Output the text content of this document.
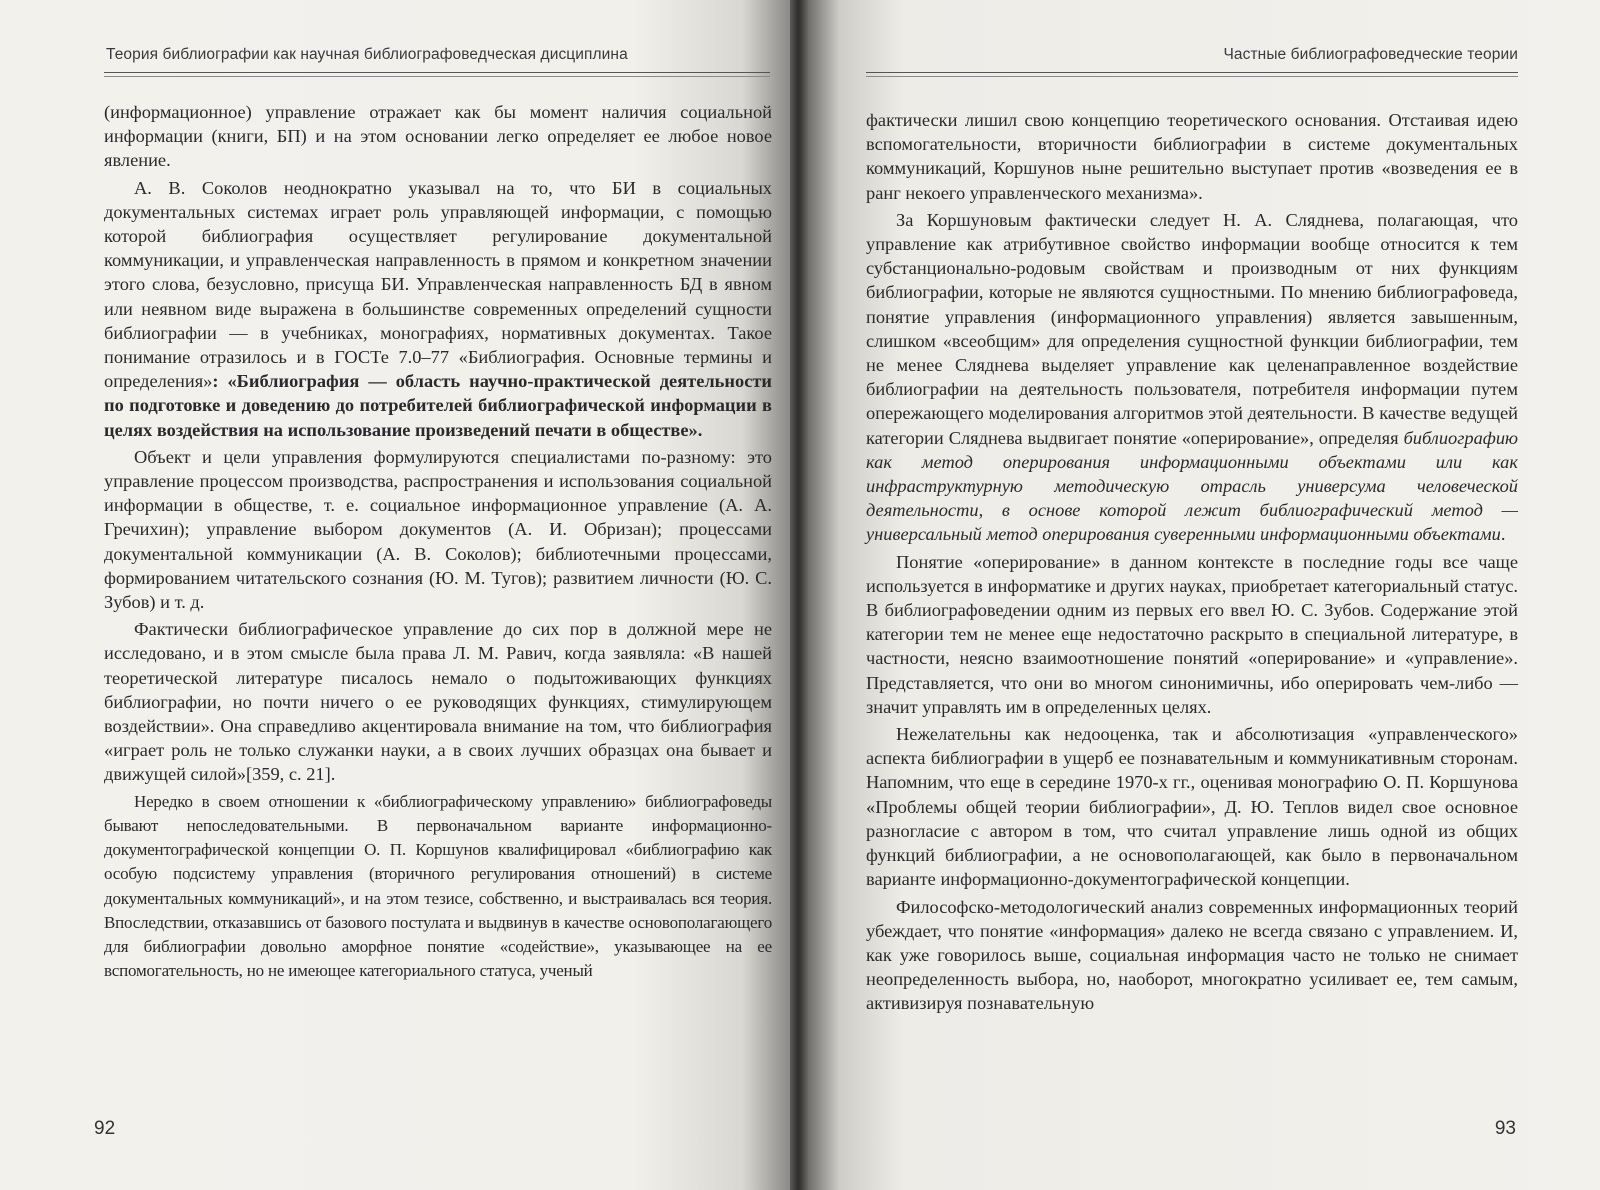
Теория библиографии как научная библиографоведческая дисциплина

(информационное) управление отражает как бы момент наличия социальной информации (книги, БП) и на этом основании легко определяет ее любое новое явление.

А. В. Соколов неоднократно указывал на то, что БИ в социальных документальных системах играет роль управляющей информации, с помощью которой библиография осуществляет регулирование документальной коммуникации, и управленческая направленность в прямом и конкретном значении этого слова, безусловно, присуща БИ. Управленческая направленность БД в явном или неявном виде выражена в большинстве современных определений сущности библиографии — в учебниках, монографиях, нормативных документах. Такое понимание отразилось и в ГОСТе 7.0–77 «Библиография. Основные термины и определения»: «Библиография — область научно-практической деятельности по подготовке и доведению до потребителей библиографической информации в целях воздействия на использование произведений печати в обществе».

Объект и цели управления формулируются специалистами по-разному: это управление процессом производства, распространения и использования социальной информации в обществе, т. е. социальное информационное управление (А. А. Гречихин); управление выбором документов (А. И. Обризан); процессами документальной коммуникации (А. В. Соколов); библиотечными процессами, формированием читательского сознания (Ю. М. Тугов); развитием личности (Ю. С. Зубов) и т. д.

Фактически библиографическое управление до сих пор в должной мере не исследовано, и в этом смысле была права Л. М. Равич, когда заявляла: «В нашей теоретической литературе писалось немало о подытоживающих функциях библиографии, но почти ничего о ее руководящих функциях, стимулирующем воздействии». Она справедливо акцентировала внимание на том, что библиография «играет роль не только служанки науки, а в своих лучших образцах она бывает и движущей силой»[359, с. 21].

Нередко в своем отношении к «библиографическому управлению» библиографоведы бывают непоследовательными. В первоначальном варианте информационно-документографической концепции О. П. Коршунов квалифицировал «библиографию как особую подсистему управления (вторичного регулирования отношений) в системе документальных коммуникаций», и на этом тезисе, собственно, и выстраивалась вся теория. Впоследствии, отказавшись от базового постулата и выдвинув в качестве основополагающего для библиографии довольно аморфное понятие «содействие», указывающее на ее вспомогательность, но не имеющее категориального статуса, ученый

92
Частные библиографоведческие теории

фактически лишил свою концепцию теоретического основания. Отстаивая идею вспомогательности, вторичности библиографии в системе документальных коммуникаций, Коршунов ныне решительно выступает против «возведения ее в ранг некоего управленческого механизма».

За Коршуновым фактически следует Н. А. Сляднева, полагающая, что управление как атрибутивное свойство информации вообще относится к тем субстанционально-родовым свойствам и производным от них функциям библиографии, которые не являются сущностными. По мнению библиографоведа, понятие управления (информационного управления) является завышенным, слишком «всеобщим» для определения сущностной функции библиографии, тем не менее Сляднева выделяет управление как целенаправленное воздействие библиографии на деятельность пользователя, потребителя информации путем опережающего моделирования алгоритмов этой деятельности. В качестве ведущей категории Сляднева выдвигает понятие «оперирование», определяя библиографию как метод оперирования информационными объектами или как инфраструктурную методическую отрасль универсума человеческой деятельности, в основе которой лежит библиографический метод — универсальный метод оперирования суверенными информационными объектами.

Понятие «оперирование» в данном контексте в последние годы все чаще используется в информатике и других науках, приобретает категориальный статус. В библиографоведении одним из первых его ввел Ю. С. Зубов. Содержание этой категории тем не менее еще недостаточно раскрыто в специальной литературе, в частности, неясно взаимоотношение понятий «оперирование» и «управление». Представляется, что они во многом синонимичны, ибо оперировать чем-либо — значит управлять им в определенных целях.

Нежелательны как недооценка, так и абсолютизация «управленческого» аспекта библиографии в ущерб ее познавательным и коммуникативным сторонам. Напомним, что еще в середине 1970-х гг., оценивая монографию О. П. Коршунова «Проблемы общей теории библиографии», Д. Ю. Теплов видел свое основное разногласие с автором в том, что считал управление лишь одной из общих функций библиографии, а не основополагающей, как было в первоначальном варианте информационно-документографической концепции.

Философско-методологический анализ современных информационных теорий убеждает, что понятие «информация» далеко не всегда связано с управлением. И, как уже говорилось выше, социальная информация часто не только не снимает неопределенность выбора, но, наоборот, многократно усиливает ее, тем самым, активизируя познавательную

93
